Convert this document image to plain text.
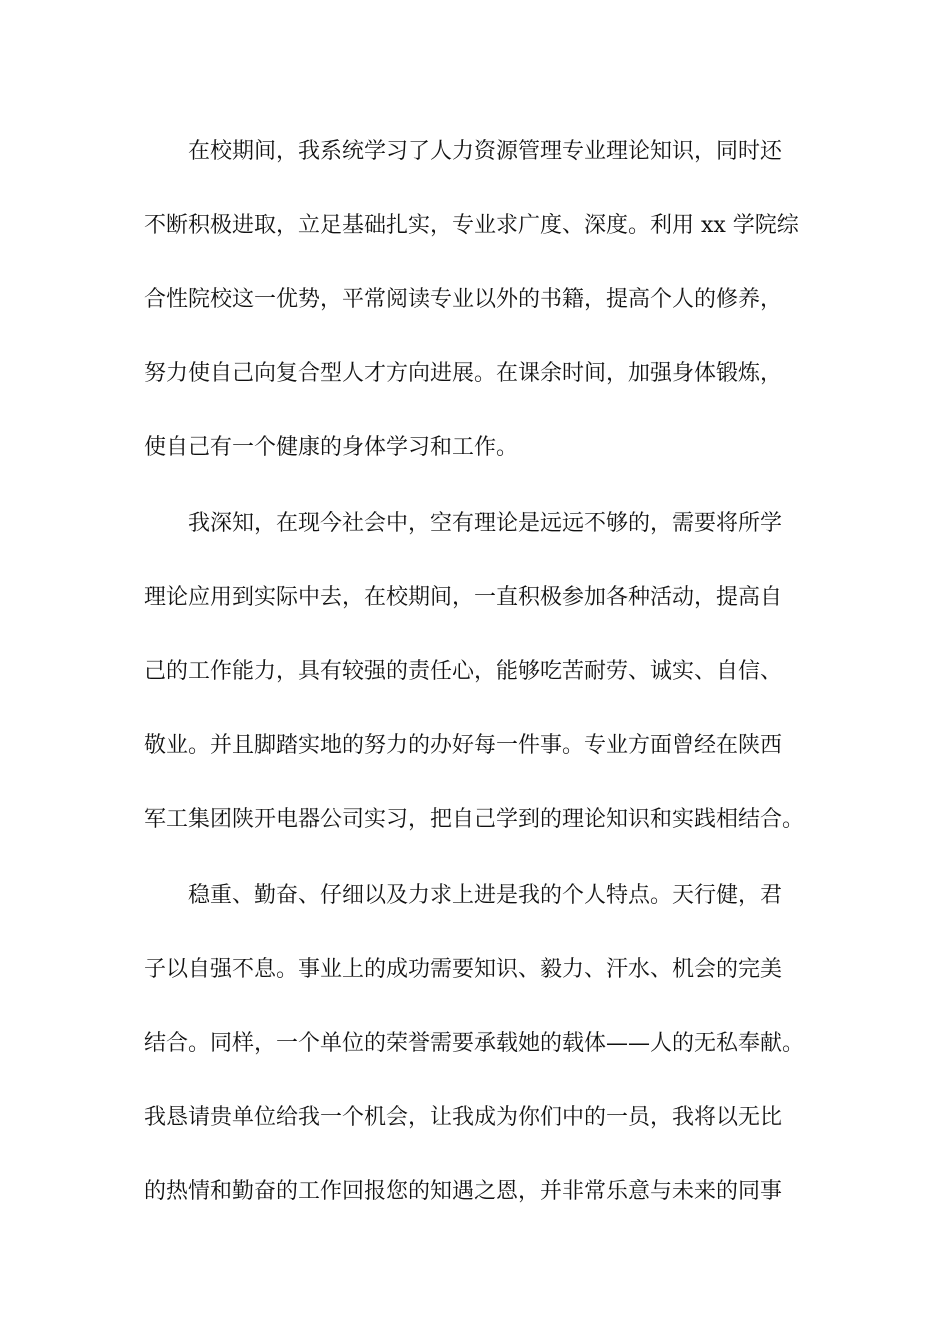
在校期间，我系统学习了人力资源管理专业理论知识，同时还
不断积极进取，立足基础扎实，专业求广度、深度。利用 xx 学院综
合性院校这一优势，平常阅读专业以外的书籍，提高个人的修养，
努力使自己向复合型人才方向进展。在课余时间，加强身体锻炼，
使自己有一个健康的身体学习和工作。
我深知，在现今社会中，空有理论是远远不够的，需要将所学
理论应用到实际中去，在校期间，一直积极参加各种活动，提高自
己的工作能力，具有较强的责任心，能够吃苦耐劳、诚实、自信、
敬业。并且脚踏实地的努力的办好每一件事。专业方面曾经在陕西
军工集团陕开电器公司实习，把自己学到的理论知识和实践相结合。
稳重、勤奋、仔细以及力求上进是我的个人特点。天行健，君
子以自强不息。事业上的成功需要知识、毅力、汗水、机会的完美
结合。同样，一个单位的荣誉需要承载她的载体——人的无私奉献。
我恳请贵单位给我一个机会，让我成为你们中的一员，我将以无比
的热情和勤奋的工作回报您的知遇之恩，并非常乐意与未来的同事
